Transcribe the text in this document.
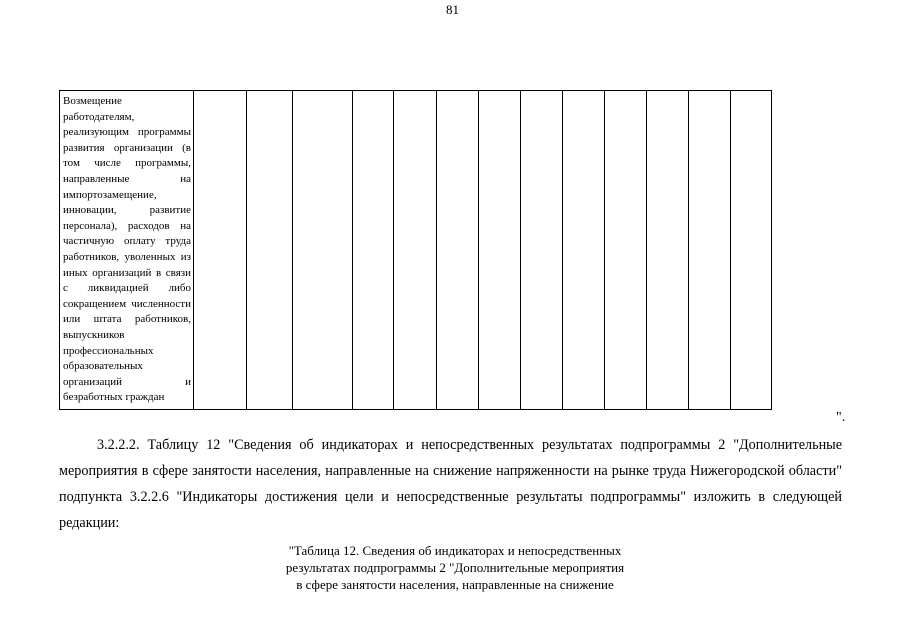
81
Возмещение работодателям, реализующим программы развития организации (в том числе программы, направленные на импортозамещение, инновации, развитие персонала), расходов на частичную оплату труда работников, уволенных из иных организаций в связи с ликвидацией либо сокращением численности или штата работников, выпускников профессиональных образовательных организаций и безработных граждан													
".
3.2.2.2. Таблицу 12 "Сведения об индикаторах и непосредственных результатах подпрограммы 2 "Дополнительные мероприятия в сфере занятости населения, направленные на снижение напряженности на рынке труда Нижегородской области" подпункта 3.2.2.6 "Индикаторы достижения цели и непосредственные результаты подпрограммы" изложить в следующей редакции:
"Таблица 12. Сведения об индикаторах и непосредственных
результатах подпрограммы 2 "Дополнительные мероприятия
в сфере занятости населения, направленные на снижение
